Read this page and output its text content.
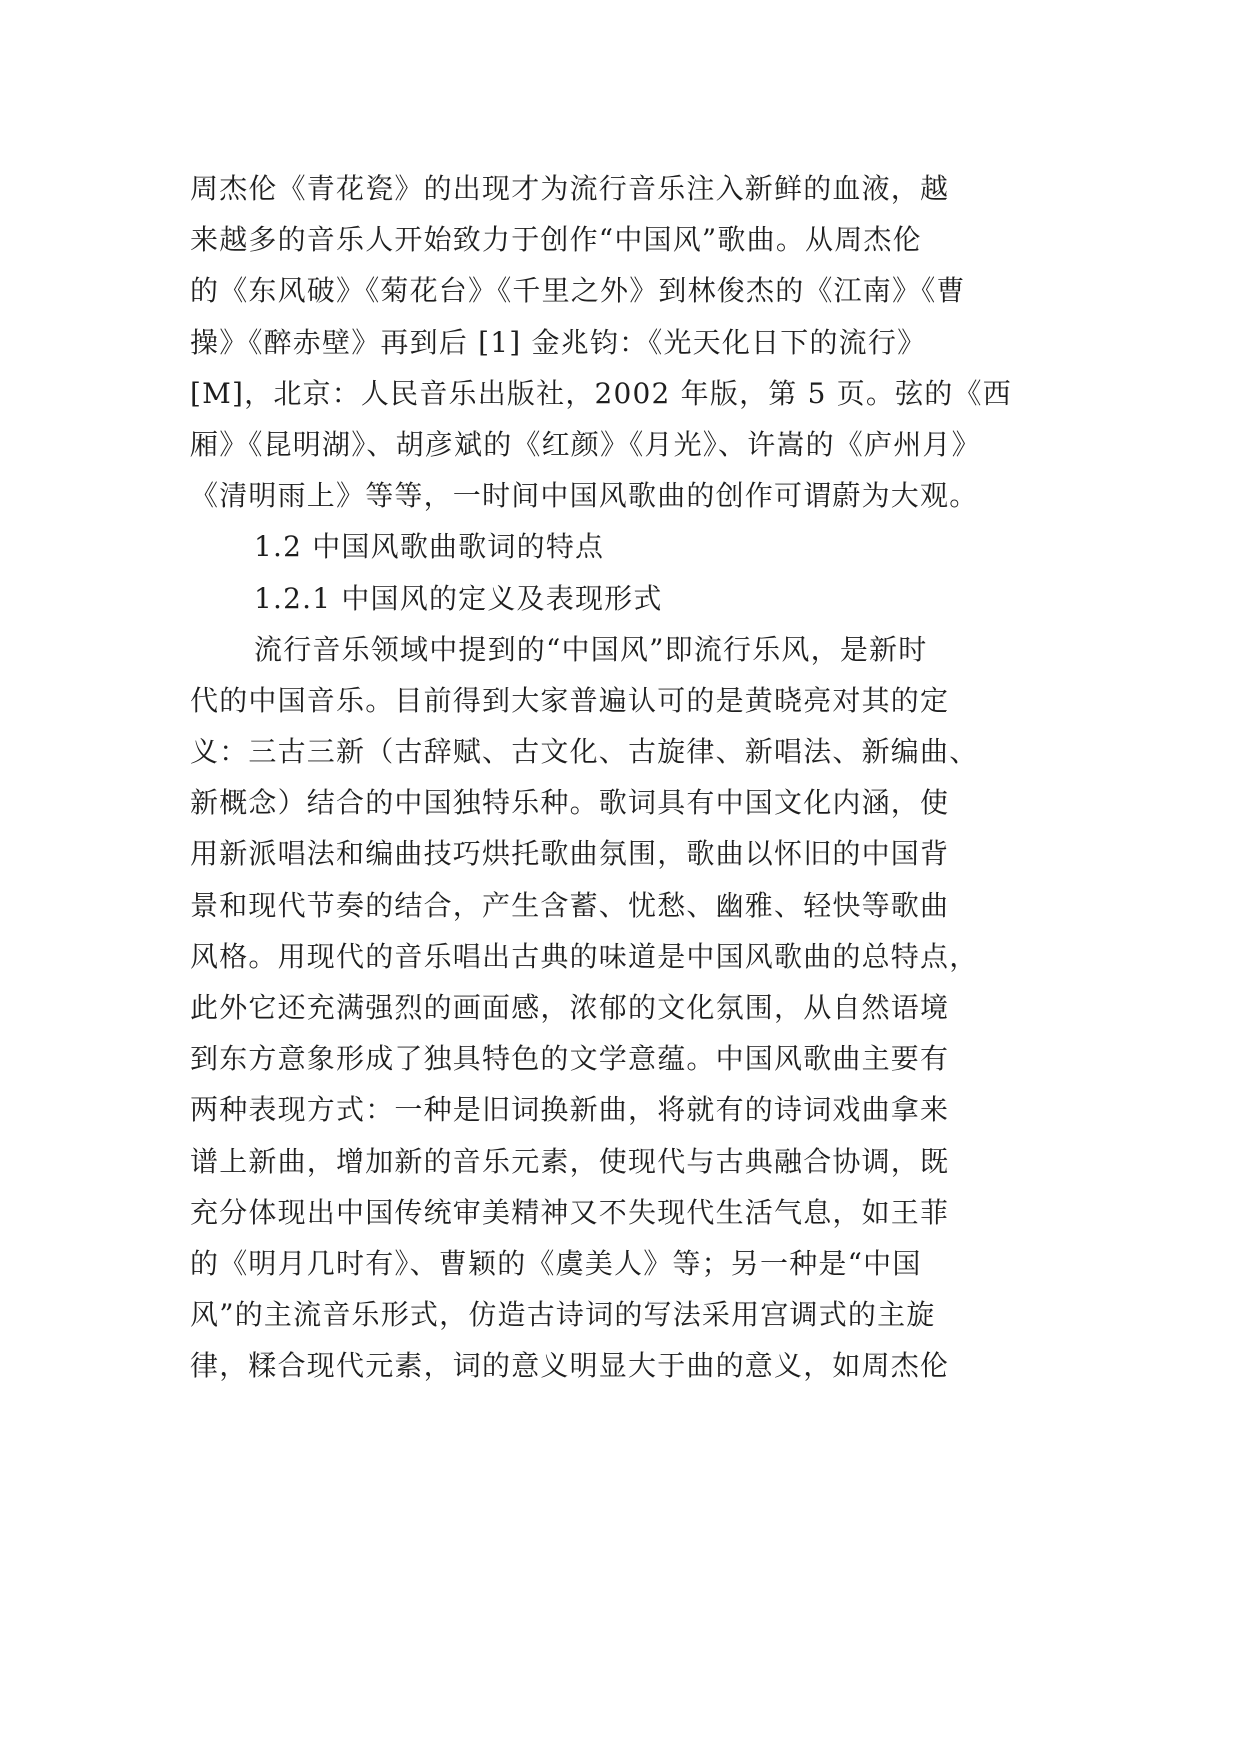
周杰伦《青花瓷》的出现才为流行音乐注入新鲜的血液，越
来越多的音乐人开始致力于创作“中国风”歌曲。从周杰伦
的《东风破》《菊花台》《千里之外》到林俊杰的《江南》《曹
操》《醉赤壁》再到后 [1] 金兆钧：《光天化日下的流行》
[M]，北京：人民音乐出版社，2002 年版，第 5 页。弦的《西
厢》《昆明湖》、胡彦斌的《红颜》《月光》、许嵩的《庐州月》
《清明雨上》等等，一时间中国风歌曲的创作可谓蔚为大观。
1.2 中国风歌曲歌词的特点
1.2.1 中国风的定义及表现形式
流行音乐领域中提到的“中国风”即流行乐风，是新时
代的中国音乐。目前得到大家普遍认可的是黄晓亮对其的定
义：三古三新（古辞赋、古文化、古旋律、新唱法、新编曲、
新概念）结合的中国独特乐种。歌词具有中国文化内涵，使
用新派唱法和编曲技巧烘托歌曲氛围，歌曲以怀旧的中国背
景和现代节奏的结合，产生含蓄、忧愁、幽雅、轻快等歌曲
风格。用现代的音乐唱出古典的味道是中国风歌曲的总特点，
此外它还充满强烈的画面感，浓郁的文化氛围，从自然语境
到东方意象形成了独具特色的文学意蕴。中国风歌曲主要有
两种表现方式：一种是旧词换新曲，将就有的诗词戏曲拿来
谱上新曲，增加新的音乐元素，使现代与古典融合协调，既
充分体现出中国传统审美精神又不失现代生活气息，如王菲
的《明月几时有》、曹颖的《虞美人》等；另一种是“中国
风”的主流音乐形式，仿造古诗词的写法采用宫调式的主旋
律，糅合现代元素，词的意义明显大于曲的意义，如周杰伦
